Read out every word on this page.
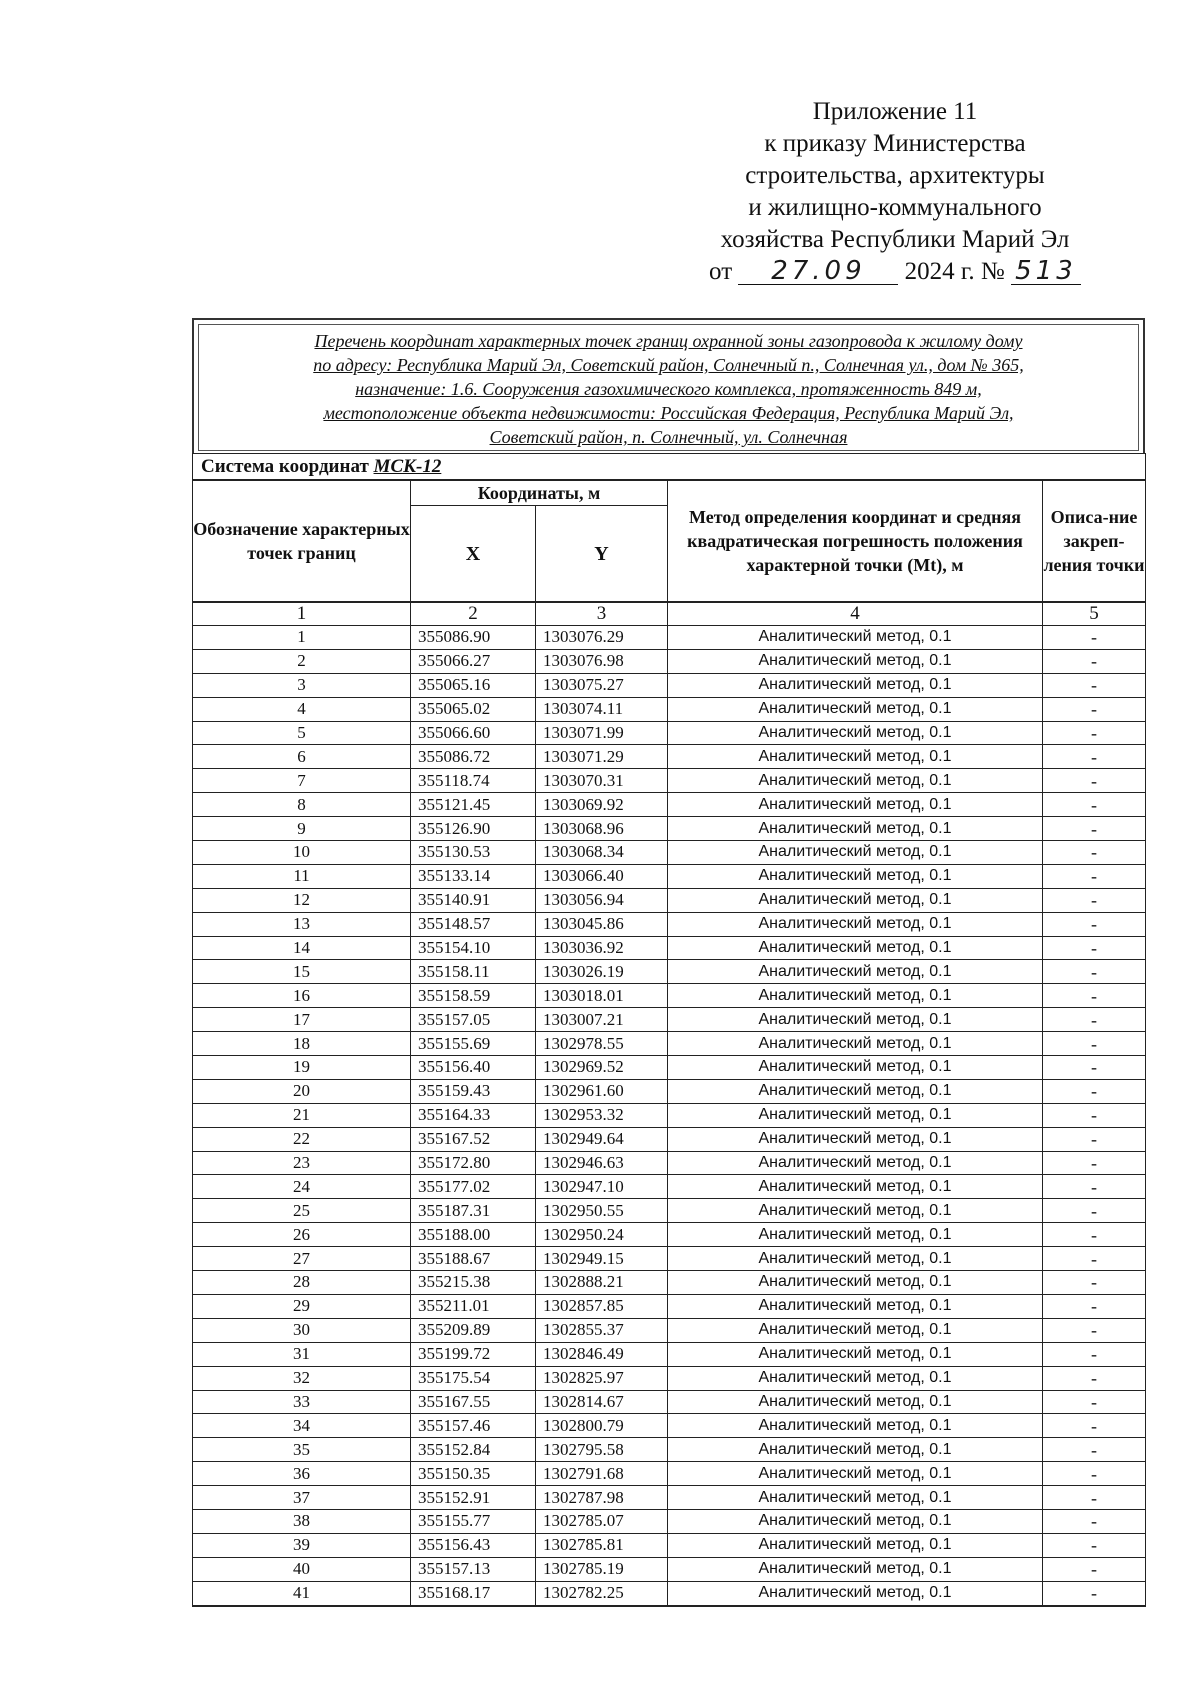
Приложение 11
к приказу Министерства
строительства, архитектуры
и жилищно-коммунального
хозяйства Республики Марий Эл
от 27.09 2024 г. № 513
Перечень координат характерных точек границ охранной зоны газопровода к жилому дому
по адресу: Республика Марий Эл, Советский район, Солнечный п., Солнечная ул., дом № 365,
назначение: 1.6. Сооружения газохимического комплекса, протяженность 849 м,
местоположение объекта недвижимости: Российская Федерация, Республика Марий Эл,
Советский район, п. Солнечный, ул. Солнечная
Система координат МСК-12				
Обозначение характерных точек границ	Координаты, м		Метод определения координат и средняя квадратическая погрешность положения характерной точки (Mt), м	Описа-ние закреп-ления точки
	X	Y		
1	2	3	4	5
1	355086.90	1303076.29	Аналитический метод, 0.1	-
2	355066.27	1303076.98	Аналитический метод, 0.1	-
3	355065.16	1303075.27	Аналитический метод, 0.1	-
4	355065.02	1303074.11	Аналитический метод, 0.1	-
5	355066.60	1303071.99	Аналитический метод, 0.1	-
6	355086.72	1303071.29	Аналитический метод, 0.1	-
7	355118.74	1303070.31	Аналитический метод, 0.1	-
8	355121.45	1303069.92	Аналитический метод, 0.1	-
9	355126.90	1303068.96	Аналитический метод, 0.1	-
10	355130.53	1303068.34	Аналитический метод, 0.1	-
11	355133.14	1303066.40	Аналитический метод, 0.1	-
12	355140.91	1303056.94	Аналитический метод, 0.1	-
13	355148.57	1303045.86	Аналитический метод, 0.1	-
14	355154.10	1303036.92	Аналитический метод, 0.1	-
15	355158.11	1303026.19	Аналитический метод, 0.1	-
16	355158.59	1303018.01	Аналитический метод, 0.1	-
17	355157.05	1303007.21	Аналитический метод, 0.1	-
18	355155.69	1302978.55	Аналитический метод, 0.1	-
19	355156.40	1302969.52	Аналитический метод, 0.1	-
20	355159.43	1302961.60	Аналитический метод, 0.1	-
21	355164.33	1302953.32	Аналитический метод, 0.1	-
22	355167.52	1302949.64	Аналитический метод, 0.1	-
23	355172.80	1302946.63	Аналитический метод, 0.1	-
24	355177.02	1302947.10	Аналитический метод, 0.1	-
25	355187.31	1302950.55	Аналитический метод, 0.1	-
26	355188.00	1302950.24	Аналитический метод, 0.1	-
27	355188.67	1302949.15	Аналитический метод, 0.1	-
28	355215.38	1302888.21	Аналитический метод, 0.1	-
29	355211.01	1302857.85	Аналитический метод, 0.1	-
30	355209.89	1302855.37	Аналитический метод, 0.1	-
31	355199.72	1302846.49	Аналитический метод, 0.1	-
32	355175.54	1302825.97	Аналитический метод, 0.1	-
33	355167.55	1302814.67	Аналитический метод, 0.1	-
34	355157.46	1302800.79	Аналитический метод, 0.1	-
35	355152.84	1302795.58	Аналитический метод, 0.1	-
36	355150.35	1302791.68	Аналитический метод, 0.1	-
37	355152.91	1302787.98	Аналитический метод, 0.1	-
38	355155.77	1302785.07	Аналитический метод, 0.1	-
39	355156.43	1302785.81	Аналитический метод, 0.1	-
40	355157.13	1302785.19	Аналитический метод, 0.1	-
41	355168.17	1302782.25	Аналитический метод, 0.1	-
